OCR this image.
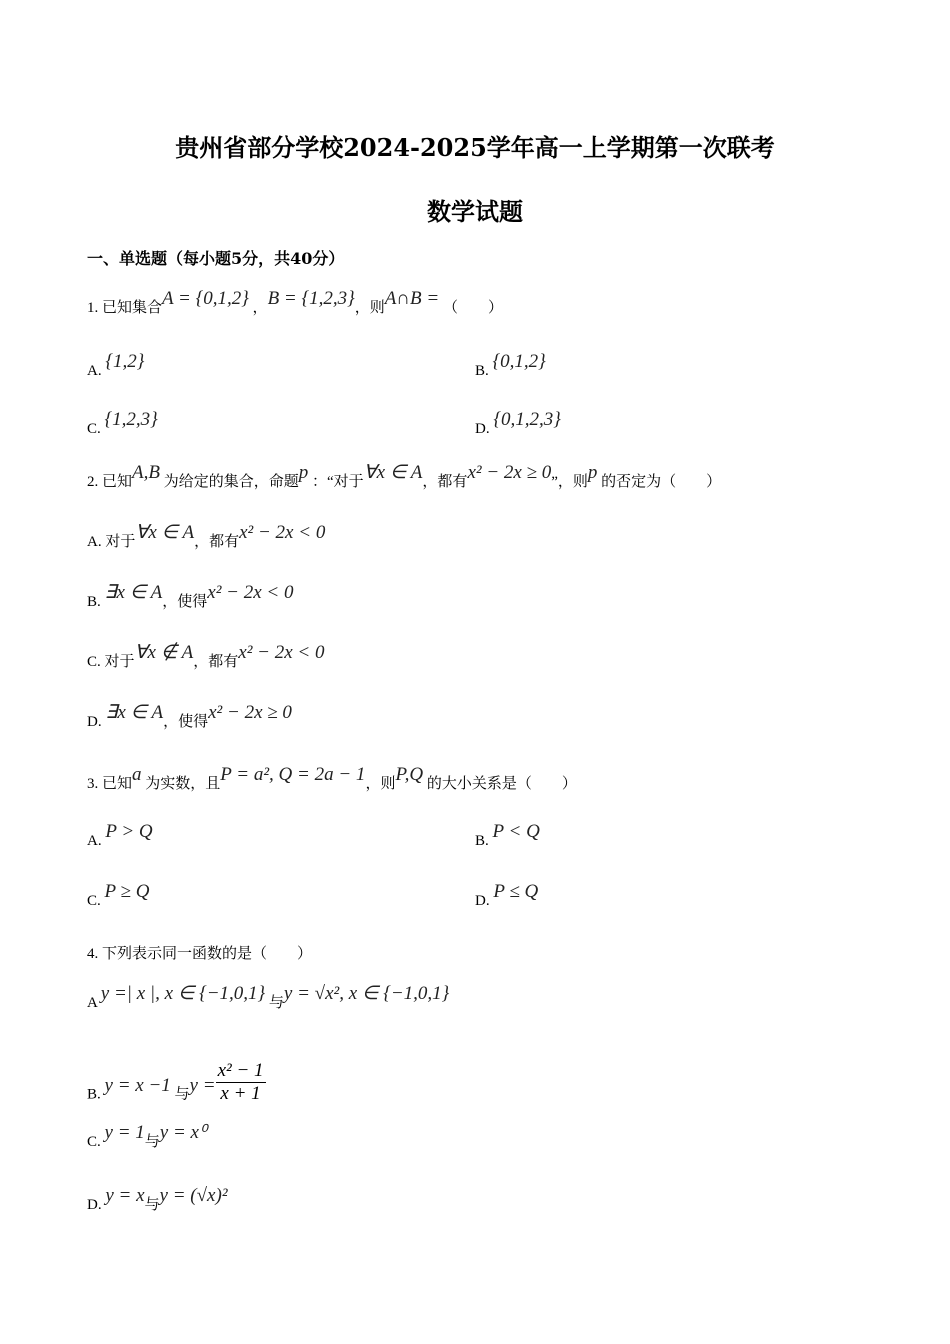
贵州省部分学校2024-2025学年高一上学期第一次联考
数学试题
一、单选题（每小题5分，共40分）
1. 已知集合A = {0,1,2} ，B = {1,2,3}，则A∩B = （　　）
A. {1,2}	B. {0,1,2}
C. {1,2,3}	D. {0,1,2,3}
2. 已知A,B 为给定的集合，命题p ：“对于∀x ∈ A，都有x² − 2x ≥ 0”，则p 的否定为（　　）
A. 对于∀x ∈ A，都有x² − 2x < 0
B. ∃x ∈ A，使得x² − 2x < 0
C. 对于∀x ∉ A，都有x² − 2x < 0
D. ∃x ∈ A，使得x² − 2x ≥ 0
3. 已知a 为实数，且P = a², Q = 2a − 1，则P,Q 的大小关系是（　　）
A. P > Q	B. P < Q
C. P ≥ Q	D. P ≤ Q
4. 下列表示同一函数的是（　　）
A y =| x |, x ∈ {−1,0,1} 与y = √x², x ∈ {−1,0,1}
B. y = x −1 与$y = \frac{\text{x² − 1}}{x + 1}$
C. y = 1与y = x⁰
D. y = x与y = (√x)²
